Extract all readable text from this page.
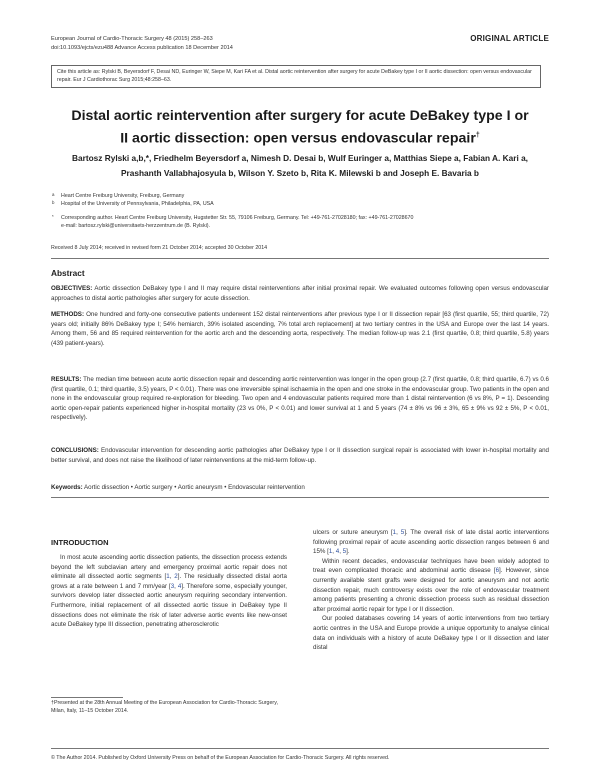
European Journal of Cardio-Thoracic Surgery 48 (2015) 258–263
doi:10.1093/ejcts/ezu488 Advance Access publication 18 December 2014
ORIGINAL ARTICLE
Cite this article as: Rylski B, Beyersdorf F, Desai ND, Euringer W, Siepe M, Kari FA et al. Distal aortic reintervention after surgery for acute DeBakey type I or II aortic dissection: open versus endovascular repair. Eur J Cardiothorac Surg 2015;48:258–63.
Distal aortic reintervention after surgery for acute DeBakey type I or II aortic dissection: open versus endovascular repair†
Bartosz Rylski a,b,*, Friedhelm Beyersdorf a, Nimesh D. Desai b, Wulf Euringer a, Matthias Siepe a, Fabian A. Kari a,
Prashanth Vallabhajosyula b, Wilson Y. Szeto b, Rita K. Milewski b and Joseph E. Bavaria b

a Heart Centre Freiburg University, Freiburg, Germany

b Hospital of the University of Pennsylvania, Philadelphia, PA, USA

* Corresponding author. Heart Centre Freiburg University, Hugstetter Str. 55, 79106 Freiburg, Germany. Tel: +49-761-27028180; fax: +49-761-27028670

e-mail: bartosz.rylski@universitaets-herzzentrum.de (B. Rylski).

Received 8 July 2014; received in revised form 21 October 2014; accepted 30 October 2014
Abstract

OBJECTIVES: Aortic dissection DeBakey type I and II may require distal reinterventions after initial proximal repair. We evaluated outcomes following open versus endovascular approaches to distal aortic pathologies after surgery for acute dissection.

METHODS: One hundred and forty-one consecutive patients underwent 152 distal reinterventions after previous type I or II dissection repair [63 (first quartile, 55; third quartile, 72) years old; initially 86% DeBakey type I; 54% hemiarch, 39% isolated ascending, 7% total arch replacement] at two tertiary centres in the USA and Europe over the last 14 years. Among them, 56 and 85 required reintervention for the aortic arch and the descending aorta, respectively. The median follow-up was 2.1 (first quartile, 0.8; third quartile, 5.8) years (439 patient-years).

RESULTS: The median time between acute aortic dissection repair and descending aortic reintervention was longer in the open group (2.7 (first quartile, 0.8; third quartile, 6.7) vs 0.6 (first quartile, 0.1; third quartile, 3.5) years, P < 0.01). There was one irreversible spinal ischaemia in the open and one stroke in the endovascular group. Two patients in the open and none in the endovascular group required re-exploration for bleeding. Two open and 4 endovascular patients required more than 1 distal reintervention (6 vs 8%, P = 1). Descending aortic open-repair patients experienced higher in-hospital mortality (23 vs 0%, P < 0.01) and lower survival at 1 and 5 years (74 ± 8% vs 96 ± 3%, 65 ± 9% vs 92 ± 5%, P < 0.01, respectively).

CONCLUSIONS: Endovascular intervention for descending aortic pathologies after DeBakey type I or II dissection surgical repair is associated with lower in-hospital mortality and better survival, and does not raise the likelihood of later reinterventions at the mid-term follow-up.

Keywords: Aortic dissection • Aortic surgery • Aortic aneurysm • Endovascular reintervention
INTRODUCTION

In most acute ascending aortic dissection patients, the dissection process extends beyond the left subclavian artery and emergency proximal aortic repair does not eliminate all dissected aortic segments [1, 2]. The residually dissected distal aorta grows at a rate between 1 and 7 mm/year [3, 4]. Therefore some, especially younger, survivors develop later dissected aortic aneurysm requiring secondary intervention. Furthermore, initial replacement of all dissected aortic tissue in DeBakey type II dissections does not eliminate the risk of later adverse aortic events like new-onset acute DeBakey type III dissection, penetrating atherosclerotic

ulcers or suture aneurysm [1, 5]. The overall risk of late distal aortic interventions following proximal repair of acute ascending aortic dissection ranges between 6 and 15% [1, 4, 5].

Within recent decades, endovascular techniques have been widely adopted to treat even complicated thoracic and abdominal aortic disease [6]. However, since currently available stent grafts were designed for aortic aneurysm and not aortic dissection repair, much controversy exists over the role of endovascular treatment among patients presenting a chronic dissection process such as residual dissection after proximal aortic repair for type I or II dissection.

Our pooled databases covering 14 years of aortic interventions from two tertiary aortic centres in the USA and Europe provide a unique opportunity to analyse clinical data on individuals with a history of acute DeBakey type I or II dissection and later distal

†Presented at the 28th Annual Meeting of the European Association for Cardio-Thoracic Surgery, Milan, Italy, 11–15 October 2014.
© The Author 2014. Published by Oxford University Press on behalf of the European Association for Cardio-Thoracic Surgery. All rights reserved.
